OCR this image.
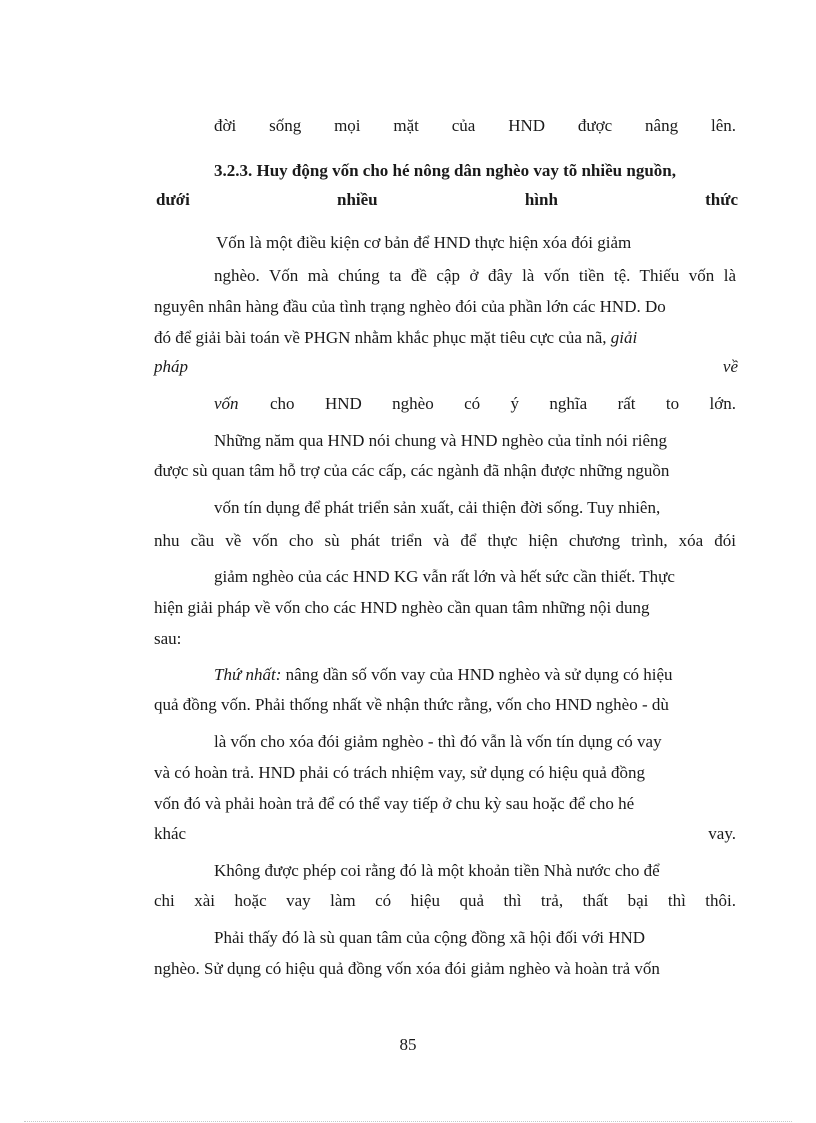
đời sống mọi mặt của HND được nâng lên.
3.2.3. Huy động vốn cho hé nông dân nghèo vay tõ nhiều nguồn,
dưới nhiều hình thức
Vốn là một điều kiện cơ bản để HND thực hiện xóa đói giảm
nghèo. Vốn mà chúng ta đề cập ở đây là vốn tiền tệ. Thiếu vốn là
nguyên nhân hàng đầu của tình trạng nghèo đói của phần lớn các HND. Do
đó để giải bài toán về PHGN nhằm khắc phục mặt tiêu cực của nã, giải
pháp về
vốn cho HND nghèo có ý nghĩa rất to lớn.
Những năm qua HND nói chung và HND nghèo của tỉnh nói riêng
được sù quan tâm hỗ trợ của các cấp, các ngành đã nhận được những nguồn
vốn tín dụng để phát triển sản xuất, cải thiện đời sống. Tuy nhiên,
nhu cầu về vốn cho sù phát triển và để thực hiện chương trình, xóa đói
giảm nghèo của các HND KG vẫn rất lớn và hết sức cần thiết. Thực
hiện giải pháp về vốn cho các HND nghèo cần quan tâm những nội dung
sau:
Thứ nhất: nâng dần số vốn vay của HND nghèo và sử dụng có hiệu
quả đồng vốn. Phải thống nhất về nhận thức rằng, vốn cho HND nghèo - dù
là vốn cho xóa đói giảm nghèo - thì đó vẫn là vốn tín dụng có vay
và có hoàn trả. HND phải có trách nhiệm vay, sử dụng có hiệu quả đồng
vốn đó và phải hoàn trả để có thể vay tiếp ở chu kỳ sau hoặc để cho hé
khác vay.
Không được phép coi rằng đó là một khoản tiền Nhà nước cho để
chi xài hoặc vay làm có hiệu quả thì trả, thất bại thì thôi.
Phải thấy đó là sù quan tâm của cộng đồng xã hội đối với HND
nghèo. Sử dụng có hiệu quả đồng vốn xóa đói giảm nghèo và hoàn trả vốn
85
